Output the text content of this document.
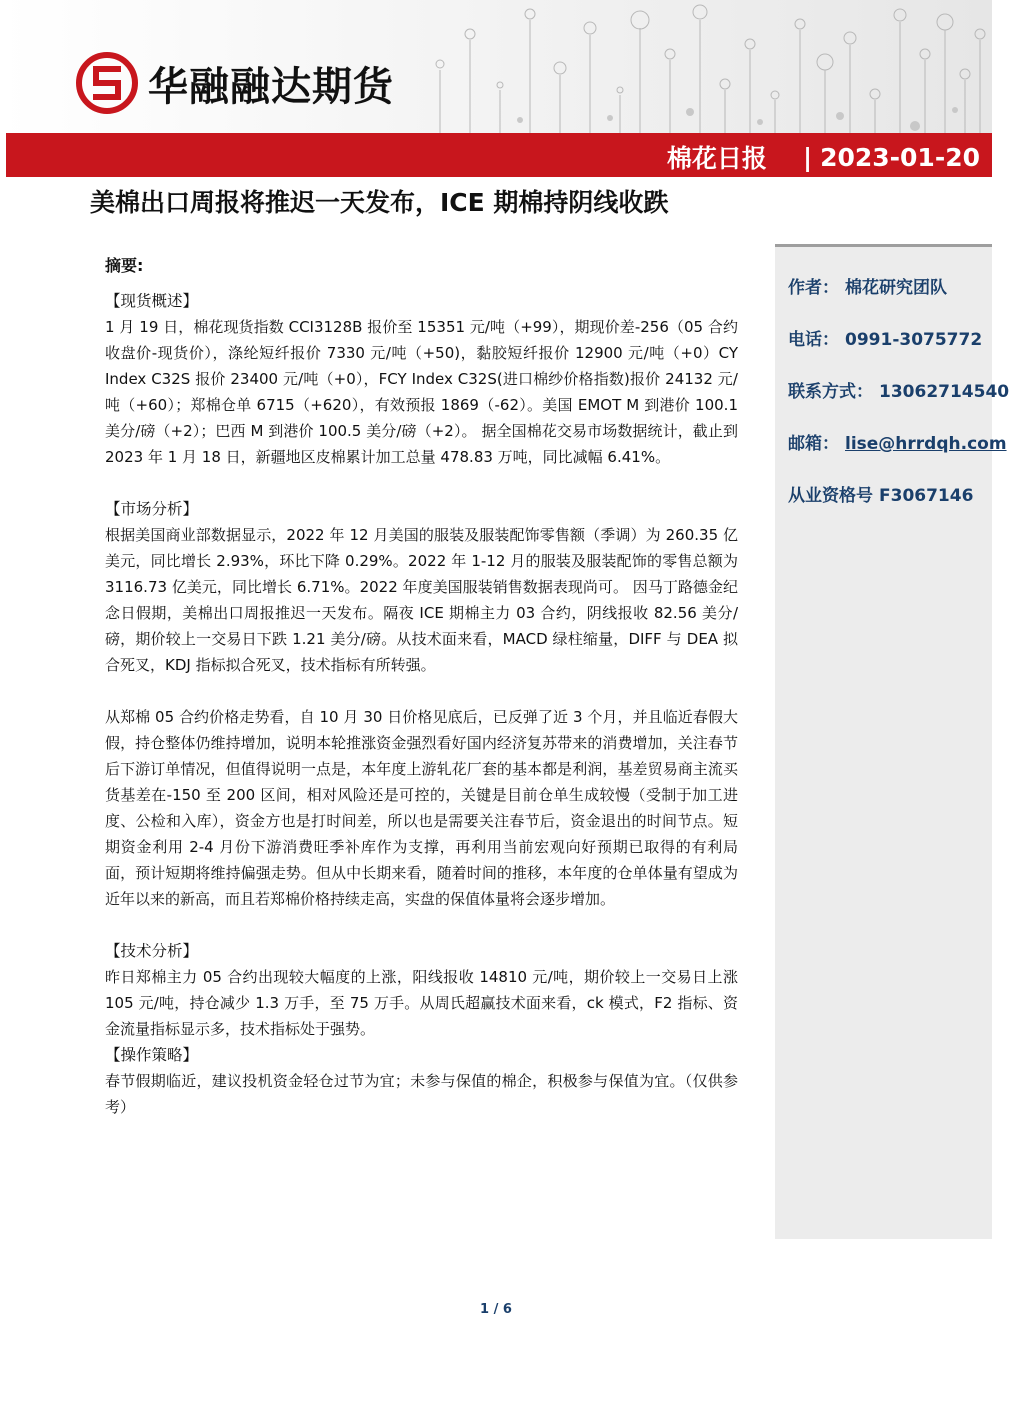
华融融达期货
棉花日报 | 2023-01-20
美棉出口周报将推迟一天发布，ICE 期棉持阴线收跌
摘要:
【现货概述】
1 月 19 日，棉花现货指数 CCI3128B 报价至 15351 元/吨（+99），期现价差-256（05 合约收盘价-现货价），涤纶短纤报价 7330 元/吨（+50)，黏胶短纤报价 12900 元/吨（+0）CY Index C32S 报价 23400 元/吨（+0），FCY Index C32S(进口棉纱价格指数)报价 24132 元/吨（+60）；郑棉仓单 6715（+620），有效预报 1869（-62）。美国 EMOT M 到港价 100.1 美分/磅（+2）；巴西 M 到港价 100.5 美分/磅（+2）。 据全国棉花交易市场数据统计，截止到 2023 年 1 月 18 日，新疆地区皮棉累计加工总量 478.83 万吨，同比减幅 6.41%。
【市场分析】
根据美国商业部数据显示，2022 年 12 月美国的服装及服装配饰零售额（季调）为 260.35 亿美元，同比增长 2.93%，环比下降 0.29%。2022 年 1-12 月的服装及服装配饰的零售总额为 3116.73 亿美元，同比增长 6.71%。2022 年度美国服装销售数据表现尚可。 因马丁路德金纪念日假期，美棉出口周报推迟一天发布。隔夜 ICE 期棉主力 03 合约，阴线报收 82.56 美分/磅，期价较上一交易日下跌 1.21 美分/磅。从技术面来看，MACD 绿柱缩量，DIFF 与 DEA 拟合死叉，KDJ 指标拟合死叉，技术指标有所转强。
从郑棉 05 合约价格走势看，自 10 月 30 日价格见底后，已反弹了近 3 个月，并且临近春假大假，持仓整体仍维持增加，说明本轮推涨资金强烈看好国内经济复苏带来的消费增加，关注春节后下游订单情况，但值得说明一点是，本年度上游轧花厂套的基本都是利润，基差贸易商主流买货基差在-150 至 200 区间，相对风险还是可控的，关键是目前仓单生成较慢（受制于加工进度、公检和入库），资金方也是打时间差，所以也是需要关注春节后，资金退出的时间节点。短期资金利用 2-4 月份下游消费旺季补库作为支撑，再利用当前宏观向好预期已取得的有利局面，预计短期将维持偏强走势。但从中长期来看，随着时间的推移，本年度的仓单体量有望成为近年以来的新高，而且若郑棉价格持续走高，实盘的保值体量将会逐步增加。
【技术分析】
昨日郑棉主力 05 合约出现较大幅度的上涨，阳线报收 14810 元/吨，期价较上一交易日上涨 105 元/吨，持仓减少 1.3 万手，至 75 万手。从周氏超赢技术面来看，ck 模式，F2 指标、资金流量指标显示多，技术指标处于强势。
【操作策略】
春节假期临近，建议投机资金轻仓过节为宜；未参与保值的棉企，积极参与保值为宜。（仅供参考）
作者： 棉花研究团队
电话： 0991-3075772
联系方式： 13062714540
邮箱： lise@hrrdqh.com
从业资格号 F3067146
1 / 6
